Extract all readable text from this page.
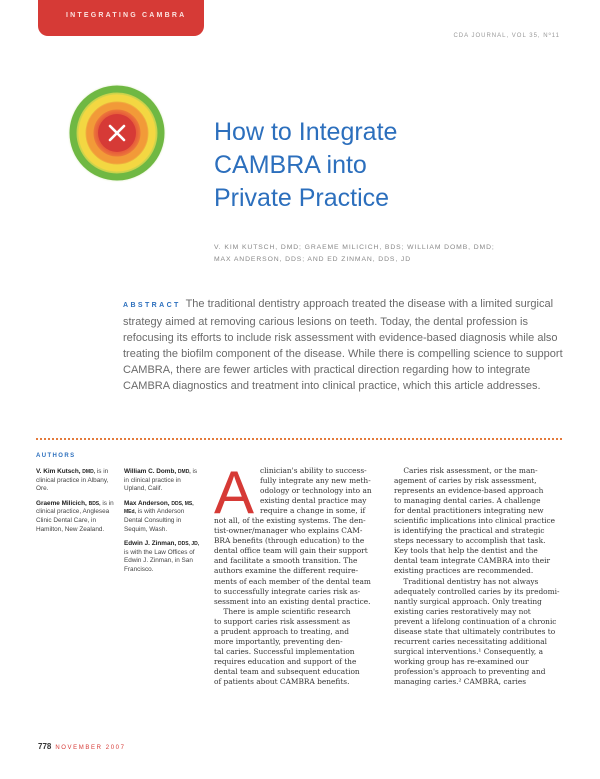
INTEGRATING CAMBRA
CDA JOURNAL, VOL 35, Nº11
How to Integrate
CAMBRA into
Private Practice
V. KIM KUTSCH, DMD; GRAEME MILICICH, BDS; WILLIAM DOMB, DMD;
MAX ANDERSON, DDS; AND ED ZINMAN, DDS, JD
ABSTRACT The traditional dentistry approach treated the disease with a limited surgical strategy aimed at removing carious lesions on teeth. Today, the dental profession is refocusing its efforts to include risk assessment with evidence-based diagnosis while also treating the biofilm component of the disease. While there is compelling science to support CAMBRA, there are fewer articles with practical direction regarding how to integrate CAMBRA diagnostics and treatment into clinical practice, which this article addresses.
AUTHORS

V. Kim Kutsch, DMD, is in clinical practice in Albany, Ore.

Graeme Milicich, BDS, is in clinical practice, Anglesea Clinic Dental Care, in Hamilton, New Zealand.

William C. Domb, DMD, is in clinical practice in Upland, Calif.

Max Anderson, DDS, MS, MEd, is with Anderson Dental Consulting in Sequim, Wash.

Edwin J. Zinman, DDS, JD, is with the Law Offices of Edwin J. Zinman, in San Francisco.

A clinician's ability to success-

fully integrate any new meth-

odology or technology into an

existing dental practice may

require a change in some, if

not all, of the existing systems. The den-

tist-owner/manager who explains CAM-

BRA benefits (through education) to the

dental office team will gain their support

and facilitate a smooth transition. The

authors examine the different require-

ments of each member of the dental team

to successfully integrate caries risk as-

sessment into an existing dental practice.

There is ample scientific research

to support caries risk assessment as

a prudent approach to treating, and

more importantly, preventing den-

tal caries. Successful implementation

requires education and support of the

dental team and subsequent education

of patients about CAMBRA benefits.

Caries risk assessment, or the man-

agement of caries by risk assessment,

represents an evidence-based approach

to managing dental caries. A challenge

for dental practitioners integrating new

scientific implications into clinical practice

is identifying the practical and strategic

steps necessary to accomplish that task.

Key tools that help the dentist and the

dental team integrate CAMBRA into their

existing practices are recommended.

Traditional dentistry has not always

adequately controlled caries by its predomi-

nantly surgical approach. Only treating

existing caries restoratively may not

prevent a lifelong continuation of a chronic

disease state that ultimately contributes to

recurrent caries necessitating additional

surgical interventions.¹ Consequently, a

working group has re-examined our

profession's approach to preventing and

managing caries.² CAMBRA, caries

778 NOVEMBER 2007
